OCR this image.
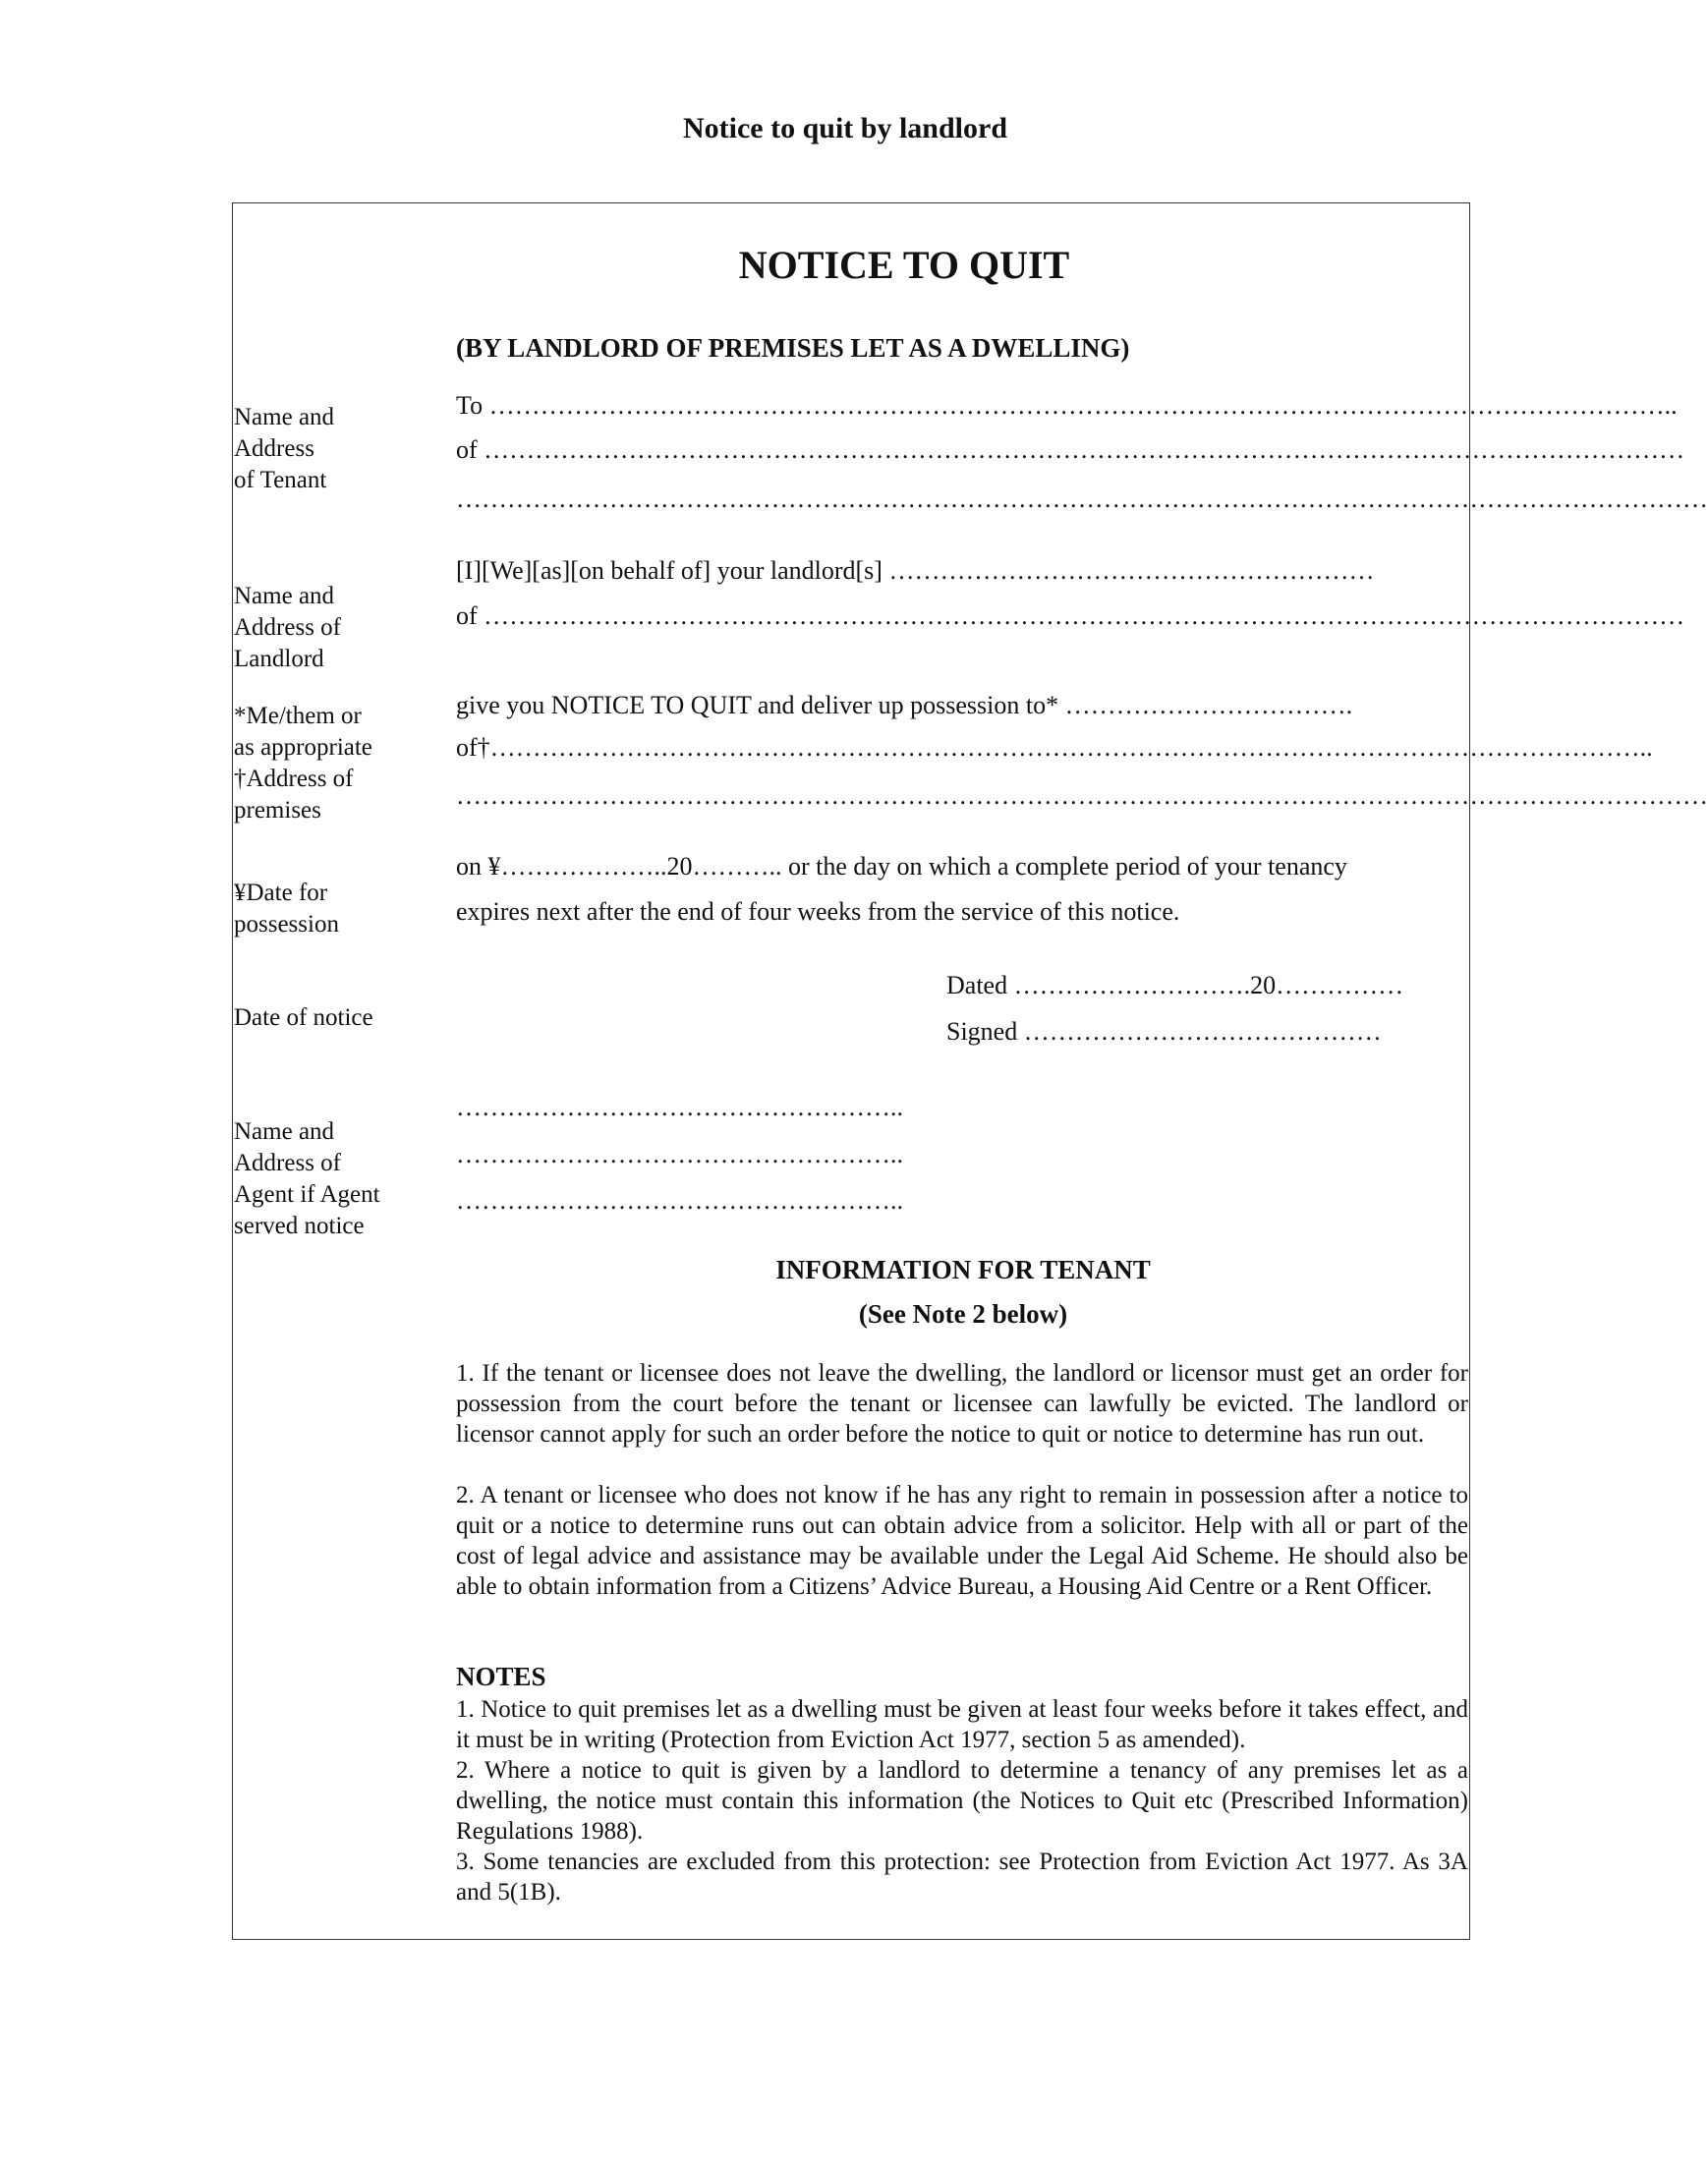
Notice to quit by landlord
NOTICE TO QUIT
(BY LANDLORD OF PREMISES LET AS A DWELLING)
Name and
Address
of Tenant
Name and
Address of
Landlord
*Me/them or
as appropriate
†Address of
premises
¥Date for
possession
Date of notice
Name and
Address of
Agent if Agent
served notice
To …………………………………………………………………………………………………………………………..
of ……………………………………………………………………………………………………………………………
…………………………………………………………………………………………………………………………………
[I][We][as][on behalf of] your landlord[s] …………………………………………………
of ……………………………………………………………………………………………………………………………
give you NOTICE TO QUIT and deliver up possession to* …………………………….
of†………………………………………………………………………………………………………………………..
…………………………………………………………………………………………………………………………………
on ¥………………..20……….. or the day on which a complete period of your tenancy
expires next after the end of four weeks from the service of this notice.
Dated ……………………….20……………
Signed ……………………………………
……………………………………………..
……………………………………………..
……………………………………………..
INFORMATION FOR TENANT
(See Note 2 below)
1. If the tenant or licensee does not leave the dwelling, the landlord or licensor must get an order for possession from the court before the tenant or licensee can lawfully be evicted. The landlord or licensor cannot apply for such an order before the notice to quit or notice to determine has run out.
2. A tenant or licensee who does not know if he has any right to remain in possession after a notice to quit or a notice to determine runs out can obtain advice from a solicitor. Help with all or part of the cost of legal advice and assistance may be available under the Legal Aid Scheme. He should also be able to obtain information from a Citizens’ Advice Bureau, a Housing Aid Centre or a Rent Officer.
NOTES
1. Notice to quit premises let as a dwelling must be given at least four weeks before it takes effect, and it must be in writing (Protection from Eviction Act 1977, section 5 as amended).
2. Where a notice to quit is given by a landlord to determine a tenancy of any premises let as a dwelling, the notice must contain this information (the Notices to Quit etc (Prescribed Information) Regulations 1988).
3. Some tenancies are excluded from this protection: see Protection from Eviction Act 1977. As 3A and 5(1B).
